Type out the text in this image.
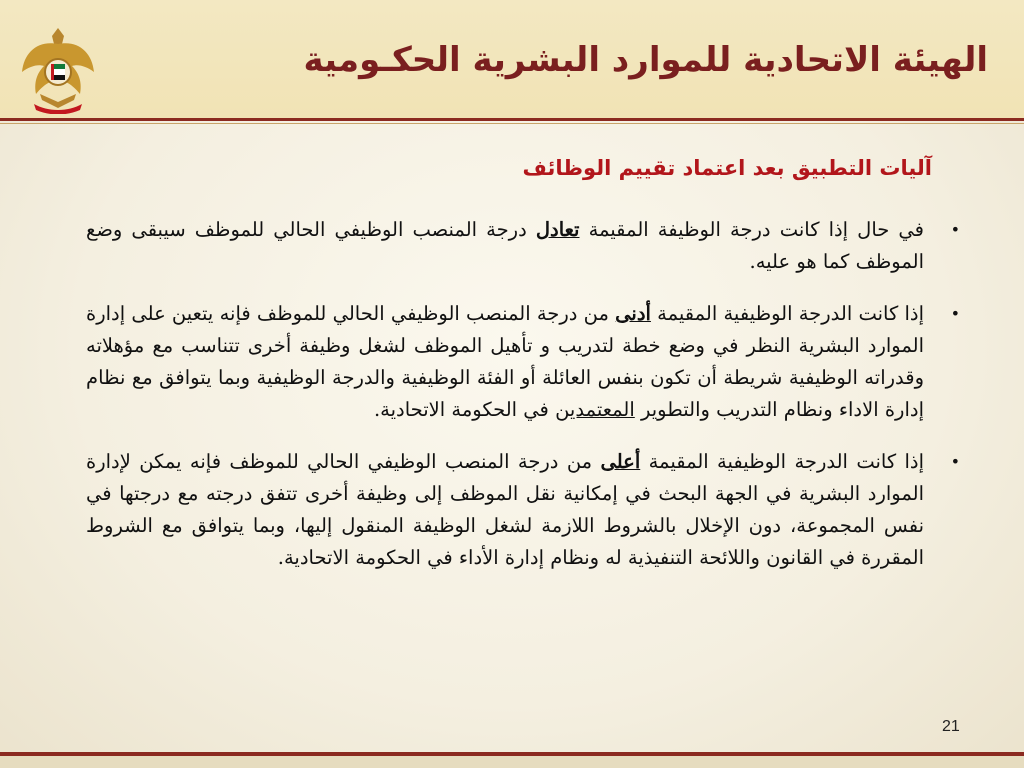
الهيئة الاتحادية للموارد البشرية الحكـومية
آليات التطبيق بعد اعتماد تقييم الوظائف
•
في حال إذا كانت درجة الوظيفة المقيمة تعادل درجة المنصب الوظيفي الحالي للموظف سيبقى وضع الموظف كما هو عليه.
•
إذا كانت الدرجة الوظيفية المقيمة أدنى من درجة المنصب الوظيفي الحالي للموظف فإنه يتعين على إدارة الموارد البشرية النظر في وضع خطة لتدريب و تأهيل الموظف لشغل وظيفة أخرى تتناسب مع مؤهلاته وقدراته الوظيفية شريطة أن تكون بنفس العائلة أو الفئة الوظيفية والدرجة الوظيفية وبما يتوافق مع نظام إدارة الاداء ونظام التدريب والتطوير المعتمدين في الحكومة الاتحادية.
•
إذا كانت الدرجة الوظيفية المقيمة أعلى من درجة المنصب الوظيفي الحالي للموظف فإنه يمكن لإدارة الموارد البشرية في الجهة البحث في إمكانية نقل الموظف إلى وظيفة أخرى تتفق درجته مع درجتها في نفس المجموعة، دون الإخلال بالشروط اللازمة لشغل الوظيفة المنقول إليها، وبما يتوافق مع الشروط المقررة في القانون واللائحة التنفيذية له ونظام إدارة الأداء في الحكومة الاتحادية.
21
